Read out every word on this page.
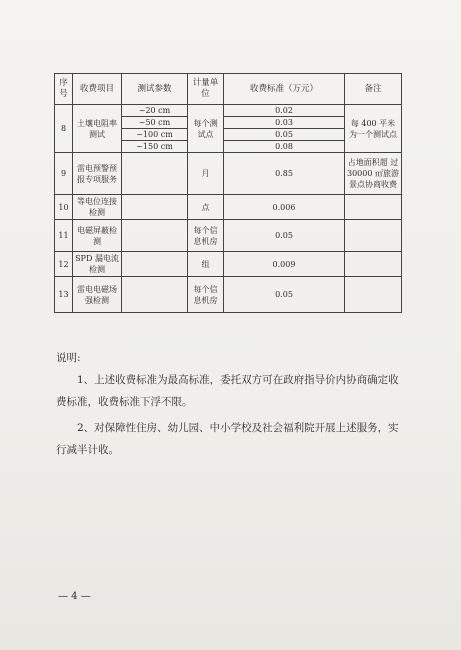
序号	收费项目	测试参数	计量单位	收费标准（万元）	备注
8	土壤电阻率测试	~20 cm	每个测试点	0.02	每 400 平米为一个测试点
		~50 cm		0.03	
		~100 cm		0.05	
		~150 cm		0.08	
9	雷电预警预报专项服务		月	0.85	占地面积超 过 30000 ㎡旅游景点协商收费
10	等电位连接检测		点	0.006	
11	电磁屏蔽检测		每个信息机房	0.05	
12	SPD 漏电流检测		组	0.009	
13	雷电电磁场强检测		每个信息机房	0.05	

说明:

1、上述收费标准为最高标准，委托双方可在政府指导价内协商确定收费标准，收费标准下浮不限。

2、对保障性住房、幼儿园、中小学校及社会福利院开展上述服务，实行减半计收。

— 4 —
